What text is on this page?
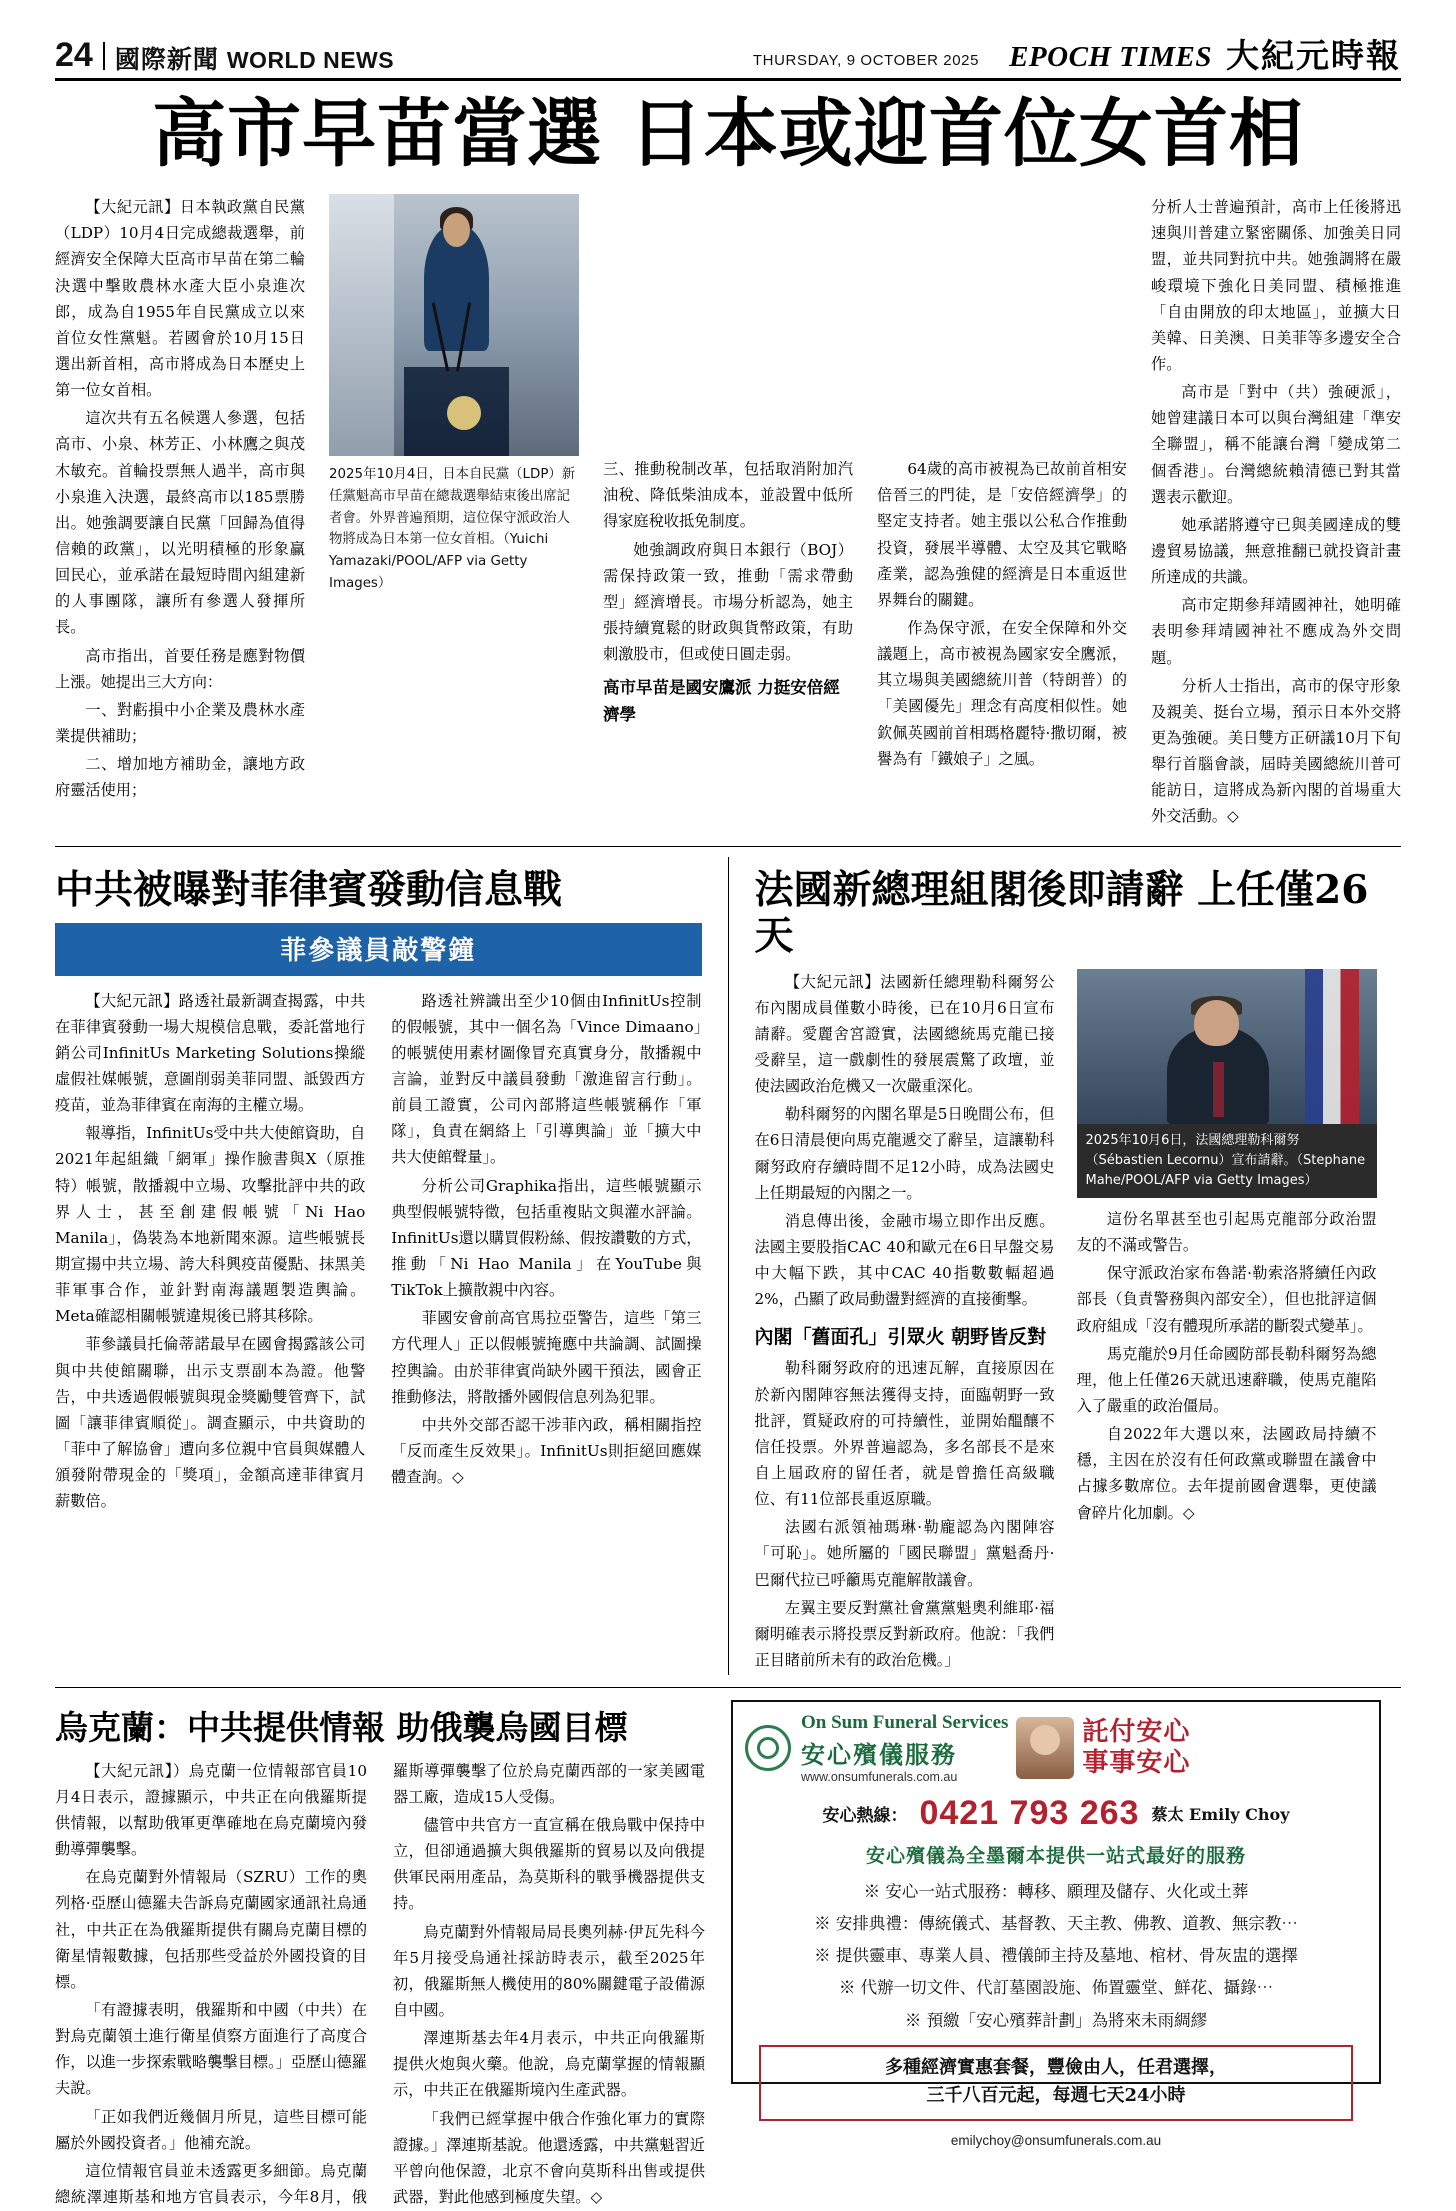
24 國際新聞 WORLD NEWS	THURSDAY, 9 OCTOBER 2025 EPOCH TIMES 大紀元時報
高市早苗當選 日本或迎首位女首相

【大紀元訊】日本執政黨自民黨（LDP）10月4日完成總裁選舉，前經濟安全保障大臣高市早苗在第二輪決選中擊敗農林水產大臣小泉進次郎，成為自1955年自民黨成立以來首位女性黨魁。若國會於10月15日選出新首相，高市將成為日本歷史上第一位女首相。

這次共有五名候選人參選，包括高市、小泉、林芳正、小林鷹之與茂木敏充。首輪投票無人過半，高市與小泉進入決選，最終高市以185票勝出。她強調要讓自民黨「回歸為值得信賴的政黨」，以光明積極的形象贏回民心，並承諾在最短時間內組建新的人事團隊，讓所有參選人發揮所長。

高市指出，首要任務是應對物價上漲。她提出三大方向：

一、對虧損中小企業及農林水產業提供補助；

二、增加地方補助金，讓地方政府靈活使用；

2025年10月4日，日本自民黨（LDP）新任黨魁高市早苗在總裁選舉結束後出席記者會。外界普遍預期，這位保守派政治人物將成為日本第一位女首相。（Yuichi Yamazaki/POOL/AFP via Getty Images）

三、推動稅制改革，包括取消附加汽油稅、降低柴油成本，並設置中低所得家庭稅收抵免制度。

她強調政府與日本銀行（BOJ）需保持政策一致，推動「需求帶動型」經濟增長。市場分析認為，她主張持續寬鬆的財政與貨幣政策，有助刺激股市，但或使日圓走弱。

高市早苗是國安鷹派 力挺安倍經濟學

64歲的高市被視為已故前首相安倍晉三的門徒，是「安倍經濟學」的堅定支持者。她主張以公私合作推動投資，發展半導體、太空及其它戰略產業，認為強健的經濟是日本重返世界舞台的關鍵。

作為保守派，在安全保障和外交議題上，高市被視為國家安全鷹派，其立場與美國總統川普（特朗普）的「美國優先」理念有高度相似性。她欽佩英國前首相瑪格麗特·撒切爾，被譽為有「鐵娘子」之風。

分析人士普遍預計，高市上任後將迅速與川普建立緊密關係、加強美日同盟，並共同對抗中共。她強調將在嚴峻環境下強化日美同盟、積極推進「自由開放的印太地區」，並擴大日美韓、日美澳、日美菲等多邊安全合作。

高市是「對中（共）強硬派」，她曾建議日本可以與台灣組建「準安全聯盟」，稱不能讓台灣「變成第二個香港」。台灣總統賴清德已對其當選表示歡迎。

她承諾將遵守已與美國達成的雙邊貿易協議，無意推翻已就投資計畫所達成的共識。

高市定期參拜靖國神社，她明確表明參拜靖國神社不應成為外交問題。

分析人士指出，高市的保守形象及親美、挺台立場，預示日本外交將更為強硬。美日雙方正研議10月下旬舉行首腦會談，屆時美國總統川普可能訪日，這將成為新內閣的首場重大外交活動。◇

中共被曝對菲律賓發動信息戰
菲參議員敲警鐘

【大紀元訊】路透社最新調查揭露，中共在菲律賓發動一場大規模信息戰，委託當地行銷公司InfinitUs Marketing Solutions操縱虛假社媒帳號，意圖削弱美菲同盟、詆毀西方疫苗，並為菲律賓在南海的主權立場。

報導指，InfinitUs受中共大使館資助，自2021年起組織「網軍」操作臉書與X（原推特）帳號，散播親中立場、攻擊批評中共的政界人士，甚至創建假帳號「Ni Hao Manila」，偽裝為本地新聞來源。這些帳號長期宣揚中共立場、誇大科興疫苗優點、抹黑美菲軍事合作，並針對南海議題製造輿論。Meta確認相關帳號違規後已將其移除。

菲參議員托倫蒂諾最早在國會揭露該公司與中共使館關聯，出示支票副本為證。他警告，中共透過假帳號與現金獎勵雙管齊下，試圖「讓菲律賓順從」。調查顯示，中共資助的「菲中了解協會」遭向多位親中官員與媒體人頒發附帶現金的「獎項」，金額高達菲律賓月薪數倍。

路透社辨識出至少10個由InfinitUs控制的假帳號，其中一個名為「Vince Dimaano」的帳號使用素材圖像冒充真實身分，散播親中言論，並對反中議員發動「激進留言行動」。前員工證實，公司內部將這些帳號稱作「軍隊」，負責在網絡上「引導輿論」並「擴大中共大使館聲量」。

分析公司Graphika指出，這些帳號顯示典型假帳號特徵，包括重複貼文與灌水評論。InfinitUs還以購買假粉絲、假按讚數的方式，推動「Ni Hao Manila」在YouTube與TikTok上擴散親中內容。

菲國安會前高官馬拉亞警告，這些「第三方代理人」正以假帳號掩應中共論調、試圖操控輿論。由於菲律賓尚缺外國干預法，國會正推動修法，將散播外國假信息列為犯罪。

中共外交部否認干涉菲內政，稱相關指控「反而產生反效果」。InfinitUs則拒絕回應媒體查詢。◇

法國新總理組閣後即請辭 上任僅26天

【大紀元訊】法國新任總理勒科爾努公布內閣成員僅數小時後，已在10月6日宣布請辭。愛麗舍宮證實，法國總統馬克龍已接受辭呈，這一戲劇性的發展震驚了政壇，並使法國政治危機又一次嚴重深化。

勒科爾努的內閣名單是5日晚間公布，但在6日清晨便向馬克龍遞交了辭呈，這讓勒科爾努政府存續時間不足12小時，成為法國史上任期最短的內閣之一。

消息傳出後，金融市場立即作出反應。法國主要股指CAC 40和歐元在6日早盤交易中大幅下跌，其中CAC 40指數數輻超過2%，凸顯了政局動盪對經濟的直接衝擊。

內閣「舊面孔」引眾火 朝野皆反對

勒科爾努政府的迅速瓦解，直接原因在於新內閣陣容無法獲得支持，面臨朝野一致批評，質疑政府的可持續性，並開始醞釀不信任投票。外界普遍認為，多名部長不是來自上屆政府的留任者，就是曾擔任高級職位、有11位部長重返原職。

法國右派領袖瑪琳·勒龐認為內閣陣容「可恥」。她所屬的「國民聯盟」黨魁喬丹·巴爾代拉已呼籲馬克龍解散議會。

左翼主要反對黨社會黨黨魁奧利維耶·福爾明確表示將投票反對新政府。他說：「我們正目睹前所未有的政治危機。」

2025年10月6日，法國總理勒科爾努（Sébastien Lecornu）宣布請辭。（Stephane Mahe/POOL/AFP via Getty Images）

這份名單甚至也引起馬克龍部分政治盟友的不滿或警告。

保守派政治家布魯諾·勒索洛將續任內政部長（負責警務與內部安全），但也批評這個政府組成「沒有體現所承諾的斷裂式變革」。

馬克龍於9月任命國防部長勒科爾努為總理，他上任僅26天就迅速辭職，使馬克龍陷入了嚴重的政治僵局。

自2022年大選以來，法國政局持續不穩，主因在於沒有任何政黨或聯盟在議會中占據多數席位。去年提前國會選舉，更使議會碎片化加劇。◇

烏克蘭：中共提供情報 助俄襲烏國目標

【大紀元訊】）烏克蘭一位情報部官員10月4日表示，證據顯示，中共正在向俄羅斯提供情報，以幫助俄軍更準確地在烏克蘭境內發動導彈襲擊。

在烏克蘭對外情報局（SZRU）工作的奧列格·亞歷山德羅夫告訴烏克蘭國家通訊社烏通社，中共正在為俄羅斯提供有關烏克蘭目標的衛星情報數據，包括那些受益於外國投資的目標。

「有證據表明，俄羅斯和中國（中共）在對烏克蘭領土進行衛星偵察方面進行了高度合作，以進一步探索戰略襲擊目標。」亞歷山德羅夫說。

「正如我們近幾個月所見，這些目標可能屬於外國投資者。」他補充說。

這位情報官員並未透露更多細節。烏克蘭總統澤連斯基和地方官員表示，今年8月，俄羅斯導彈襲擊了位於烏克蘭西部的一家美國電器工廠，造成15人受傷。

儘管中共官方一直宣稱在俄烏戰中保持中立，但卻通過擴大與俄羅斯的貿易以及向俄提供軍民兩用產品，為莫斯科的戰爭機器提供支持。

烏克蘭對外情報局局長奧列赫·伊瓦先科今年5月接受烏通社採訪時表示，截至2025年初，俄羅斯無人機使用的80%關鍵電子設備源自中國。

澤連斯基去年4月表示，中共正向俄羅斯提供火炮與火藥。他說，烏克蘭掌握的情報顯示，中共正在俄羅斯境內生產武器。

「我們已經掌握中俄合作強化軍力的實際證據。」澤連斯基說。他還透露，中共黨魁習近平曾向他保證，北京不會向莫斯科出售或提供武器，對此他感到極度失望。◇

On Sum Funeral Services
安心殯儀服務
www.onsumfunerals.com.au
託付安心
事事安心
安心熱線： 0421 793 263 蔡太 Emily Choy
安心殯儀為全墨爾本提供一站式最好的服務
※ 安心一站式服務：轉移、願理及儲存、火化或土葬
※ 安排典禮：傳統儀式、基督教、天主教、佛教、道教、無宗教⋯
※ 提供靈車、專業人員、禮儀師主持及墓地、棺材、骨灰盅的選擇
※ 代辦一切文件、代訂墓園設施、佈置靈堂、鮮花、攝錄⋯
※ 預繳「安心殯葬計劃」為將來未雨綢繆
多種經濟實惠套餐，豐儉由人，任君選擇，
三千八百元起，每週七天24小時
emilychoy@onsumfunerals.com.au
